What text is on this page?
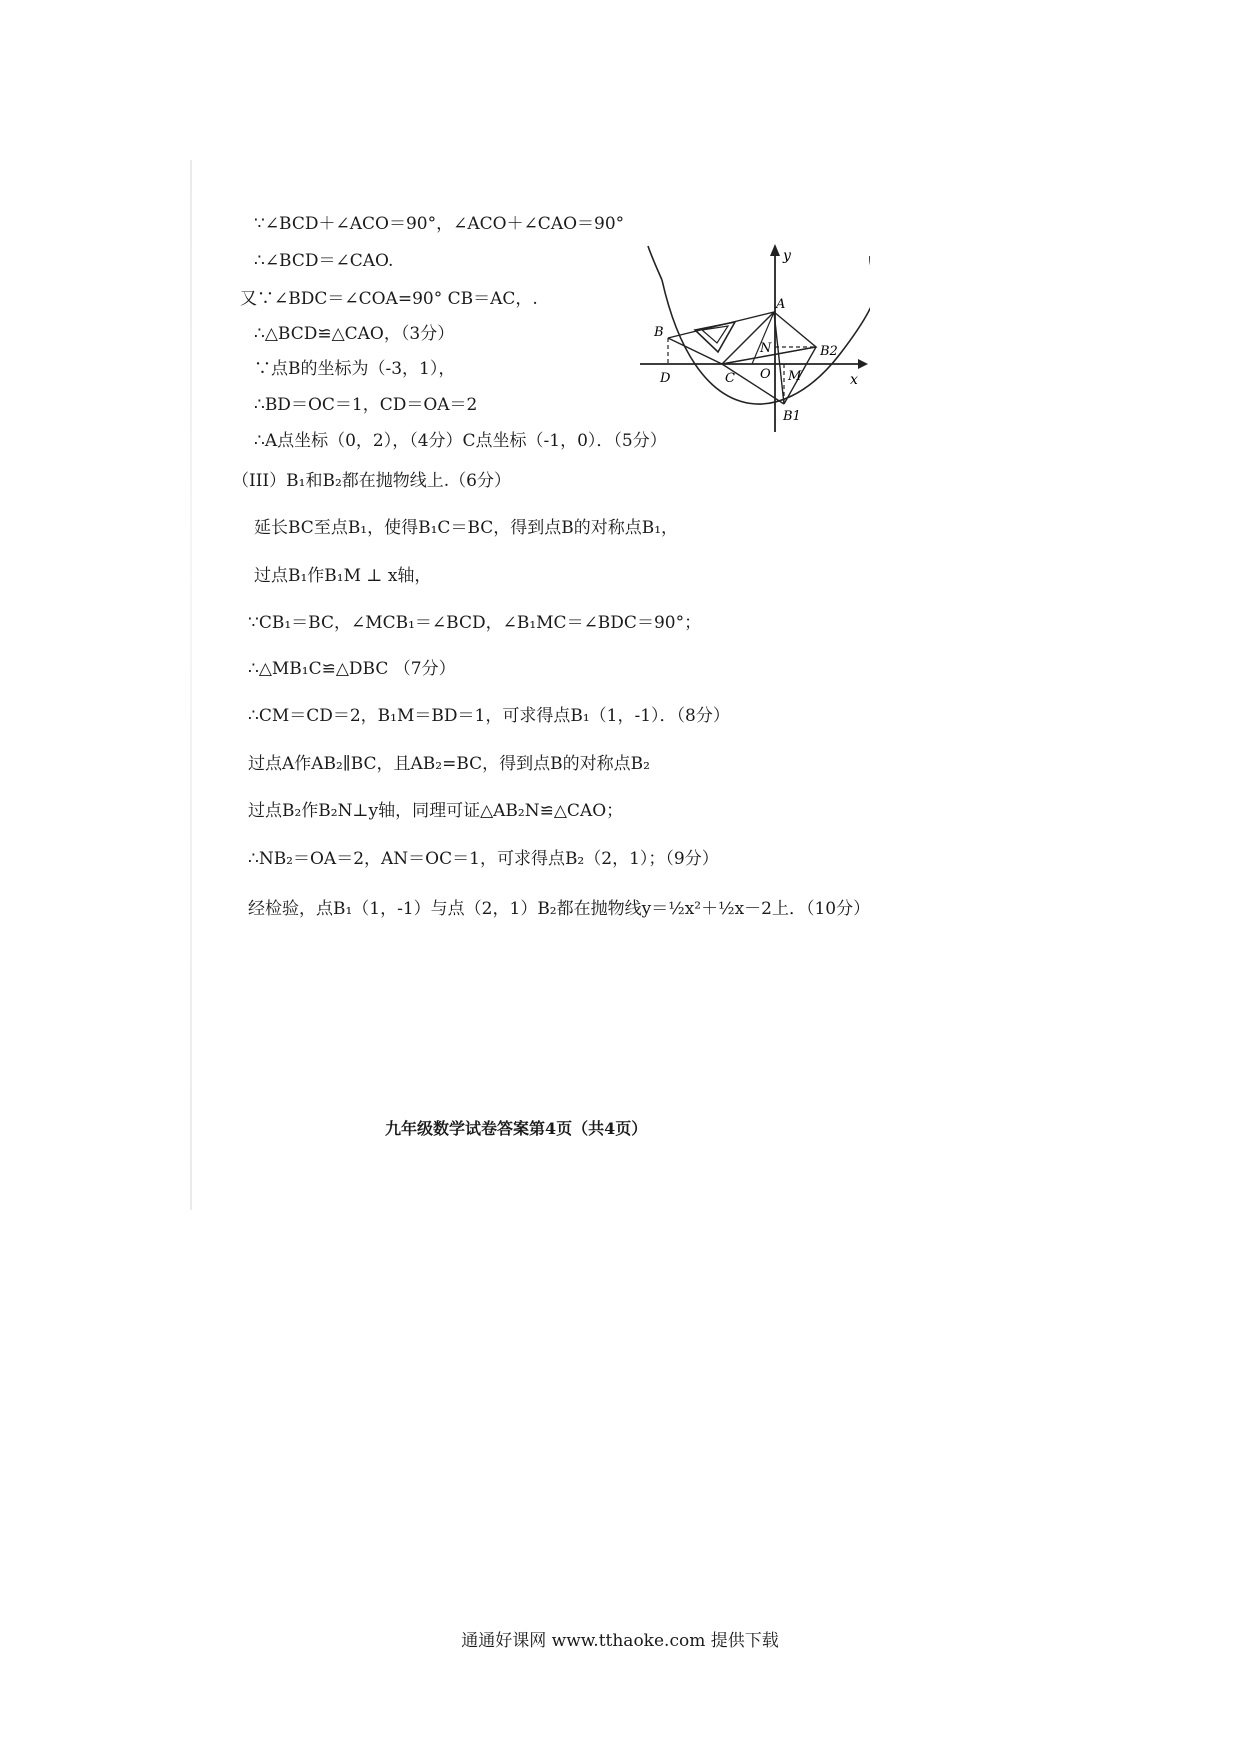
∵∠BCD＋∠ACO＝90°，∠ACO＋∠CAO＝90°
∴∠BCD＝∠CAO.
又∵∠BDC＝∠COA=90° CB＝AC，.
∴△BCD≌△CAO，（3分）
∵点B的坐标为（-3，1），
∴BD＝OC＝1，CD＝OA＝2
∴A点坐标（0，2），（4分）C点坐标（-1，0）．（5分）
（III）B₁和B₂都在抛物线上.（6分）
延长BC至点B₁，使得B₁C＝BC，得到点B的对称点B₁，
过点B₁作B₁M ⊥ x轴，
∵CB₁＝BC，∠MCB₁＝∠BCD，∠B₁MC＝∠BDC＝90°；
∴△MB₁C≌△DBC （7分）
∴CM＝CD＝2，B₁M＝BD＝1，可求得点B₁（1，-1）．（8分）
过点A作AB₂∥BC，且AB₂=BC，得到点B的对称点B₂
过点B₂作B₂N⊥y轴，同理可证△AB₂N≌△CAO；
∴NB₂＝OA＝2，AN＝OC＝1，可求得点B₂（2，1）；（9分）
经检验，点B₁（1，-1）与点（2，1）B₂都在抛物线y＝½x²＋½x－2上．（10分）
y
x
A
B
B2
N
C O M
D
B1
九年级数学试卷答案第4页（共4页）
通通好课网 www.tthaoke.com 提供下载
